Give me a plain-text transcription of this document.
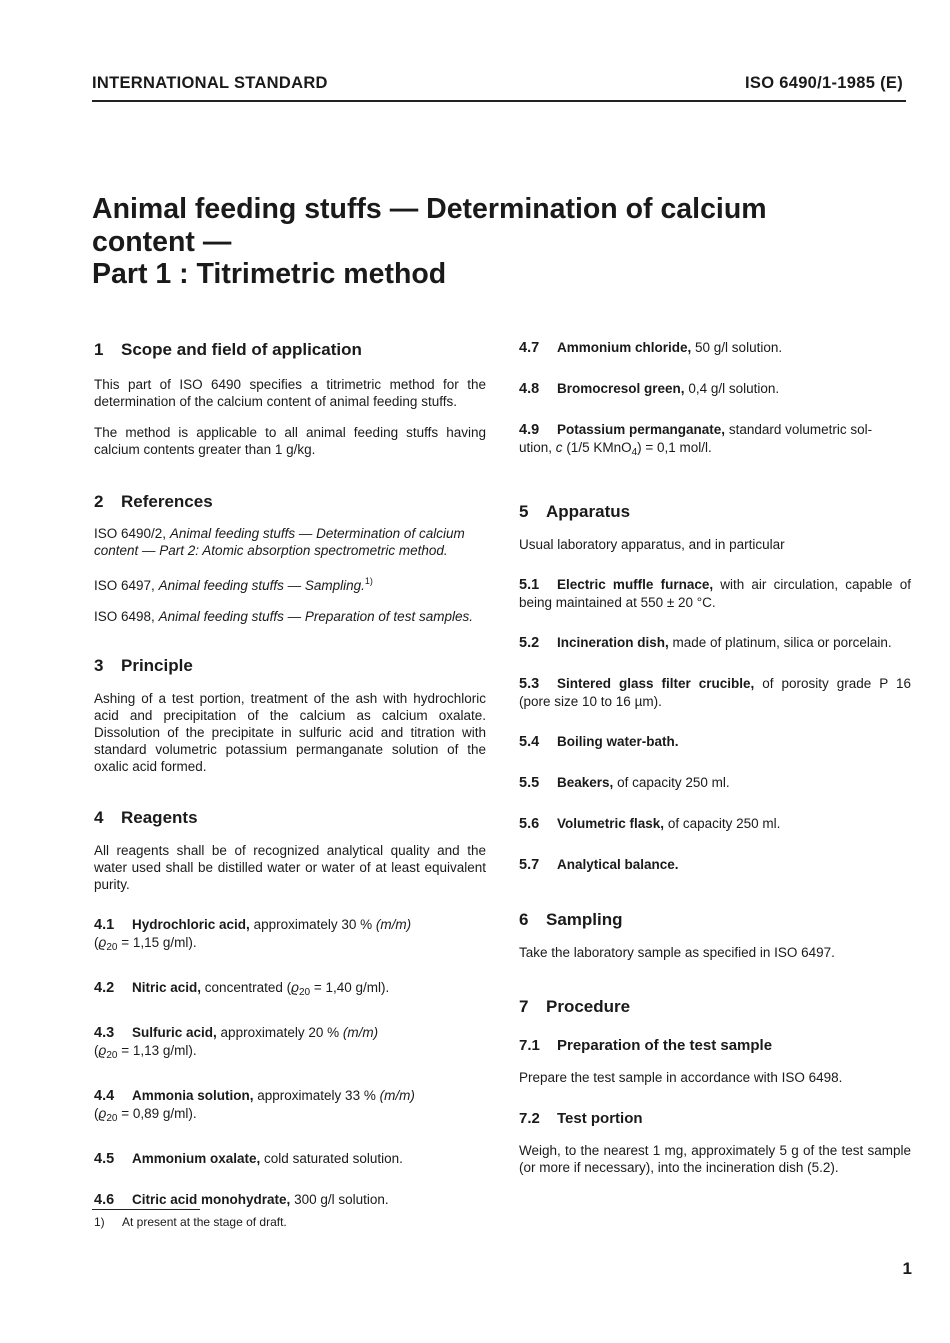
INTERNATIONAL STANDARD	ISO 6490/1-1985 (E)
Animal feeding stuffs — Determination of calcium
content —
Part 1 : Titrimetric method
1 Scope and field of application

This part of ISO 6490 specifies a titrimetric method for the determination of the calcium content of animal feeding stuffs.

The method is applicable to all animal feeding stuffs having calcium contents greater than 1 g/kg.

2 References

ISO 6490/2, Animal feeding stuffs — Determination of calcium content — Part 2: Atomic absorption spectrometric method.

ISO 6497, Animal feeding stuffs — Sampling.$^{1)}$

ISO 6498, Animal feeding stuffs — Preparation of test samples.

3 Principle

Ashing of a test portion, treatment of the ash with hydrochloric acid and precipitation of the calcium as calcium oxalate. Dissolution of the precipitate in sulfuric acid and titration with standard volumetric potassium permanganate solution of the oxalic acid formed.

4 Reagents

All reagents shall be of recognized analytical quality and the water used shall be distilled water or water of at least equivalent purity.

4.1 Hydrochloric acid, approximately 30 % (m/m)
($ϱ_{20} = 1,15$ g/ml).
4.2 Nitric acid, concentrated ($ϱ_{20} = 1,40$ g/ml).
4.3 Sulfuric acid, approximately 20 % (m/m)
($ϱ_{20} = 1,13$ g/ml).
4.4 Ammonia solution, approximately 33 % (m/m)
($ϱ_{20} = 0,89$ g/ml).
4.5 Ammonium oxalate, cold saturated solution.
4.6 Citric acid monohydrate, 300 g/l solution.
4.7 Ammonium chloride, 50 g/l solution.
4.8 Bromocresol green, 0,4 g/l solution.
4.9 Potassium permanganate, standard volumetric sol-
ution, c (1/5 KMnO$_4$) = 0,1 mol/l.
5 Apparatus

Usual laboratory apparatus, and in particular

5.1 Electric muffle furnace, with air circulation, capable of being maintained at 550 ± 20 °C.
5.2 Incineration dish, made of platinum, silica or porcelain.
5.3 Sintered glass filter crucible, of porosity grade P 16 (pore size 10 to 16 µm).
5.4 Boiling water-bath.
5.5 Beakers, of capacity 250 ml.
5.6 Volumetric flask, of capacity 250 ml.
5.7 Analytical balance.
6 Sampling

Take the laboratory sample as specified in ISO 6497.

7 Procedure
7.1 Preparation of the test sample

Prepare the test sample in accordance with ISO 6498.

7.2 Test portion

Weigh, to the nearest 1 mg, approximately 5 g of the test sample (or more if necessary), into the incineration dish (5.2).

1) At present at the stage of draft.
1
